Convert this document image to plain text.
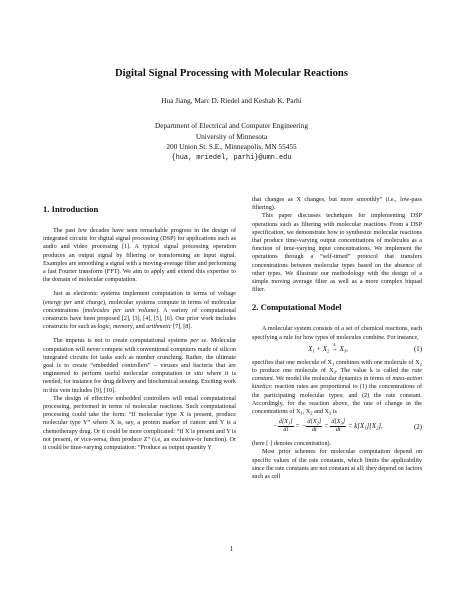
Digital Signal Processing with Molecular Reactions
Hua Jiang, Marc D. Riedel and Keshab K. Parhi
Department of Electrical and Computer Engineering
University of Minnesota
200 Union St. S.E., Minneapolis, MN 55455
{hua, mriedel, parhi}@umn.edu
1. Introduction

The past few decades have seen remarkable progress in the design of integrated circuits for digital signal processing (DSP) for applications such as audio and video processing [1]. A typical signal processing operation produces an output signal by filtering or transforming an input signal. Examples are smoothing a signal with a moving-average filter and performing a fast Fourier transform (FFT). We aim to apply and extend this expertise to the domain of molecular computation.

Just as electronic systems implement computation in terms of voltage (energy per unit charge), molecular systems compute in terms of molecular concentrations (molecules per unit volume). A variety of computational constructs have been proposed [2], [3], [4], [5], [6]. Our prior work includes constructs for such as logic, memory, and arithmetic [7], [8].

The impetus is not to create computational systems per se. Molecular computation will never compete with conventional computers made of silicon integrated circuits for tasks such as number crunching. Rather, the ultimate goal is to create “embedded controllers” – viruses and bacteria that are engineered to perform useful molecular computation in situ where it is needed, for instance for drug delivery and biochemical sensing. Exciting work in this vein includes [9], [10].

The design of effective embedded controllers will entail computational processing, performed in terms of molecular reactions. Such computational processing could take the form: “If molecular type X is present, produce molecular type Y” where X is, say, a protein marker of cancer and Y is a chemotherapy drug. Or it could be more complicated: “If X is present and Y is not present, or vice-versa, then produce Z” (i.e, an exclusive-or function). Or it could be time-varying computation: “Produce as output quantity Y

that changes as X changes, but more smoothly” (i.e., low-pass filtering).

This paper discusses techniques for implementing DSP operations such as filtering with molecular reactions. From a DSP specification, we demonstrate how to synthesize molecular reactions that produce time-varying output concentrations of molecules as a function of time-varying input concentrations. We implement the operations through a “self-timed” protocol that transfers concentrations between molecular types based on the absence of other types. We illustrate our methodology with the design of a simple moving average filter as well as a more complex biquad filter.

2. Computational Model

A molecular system consists of a set of chemical reactions, each specifying a rule for how types of molecules combine. For instance,

$X_1 + X_2$
k
→ $X_3$,	(1)

specifies that one molecule of $X_1$ combines with one molecule of $X_2$ to produce one molecule of $X_3$. The value k is called the rate constant. We model the molecular dynamics in terms of mass-action kinetics: reaction rates are proportional to (1) the concentrations of the participating molecular types; and (2) the rate constant. Accordingly, for the reaction above, the rate of change in the concentrations of $X_1$, $X_2$ and $X_3$ is

− $\frac{d[X_1]}{dt}$ = − $\frac{d[X_2]}{dt} = \frac{d[X_3]}{dt} = k[X_1][X_2]$,	(2)

(here [·] denotes concentration).

Most prior schemes for molecular computation depend on specific values of the rate constants, which limits the applicability since the rate constants are not constant at all; they depend on factors such as cell

1
